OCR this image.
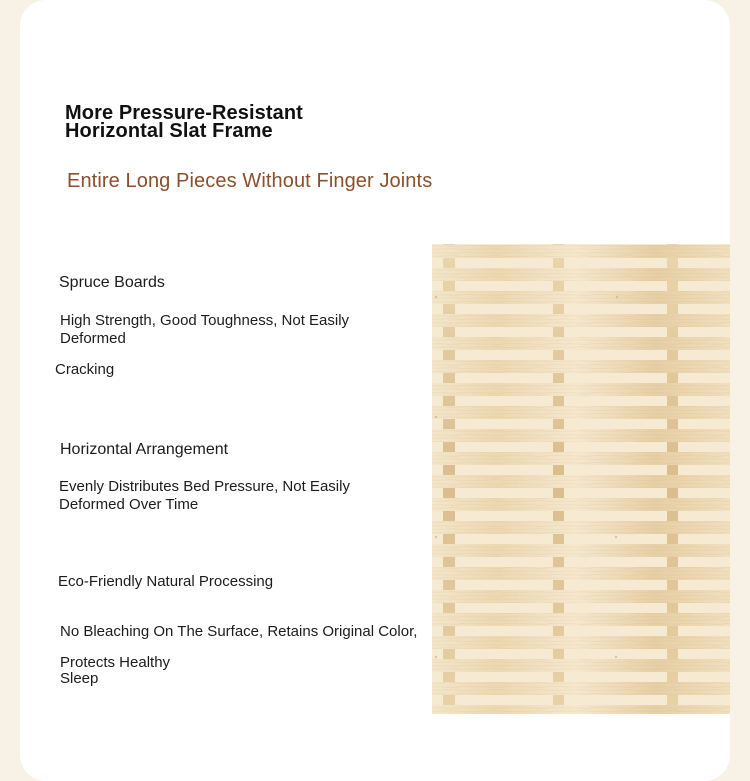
More Pressure-Resistant
Horizontal Slat Frame

Entire Long Pieces Without Finger Joints

Spruce Boards

High Strength, Good Toughness, Not Easily

Deformed

Cracking

Horizontal Arrangement

Evenly Distributes Bed Pressure, Not Easily

Deformed Over Time

Eco-Friendly Natural Processing

No Bleaching On The Surface, Retains Original Color,

Protects Healthy

Sleep
